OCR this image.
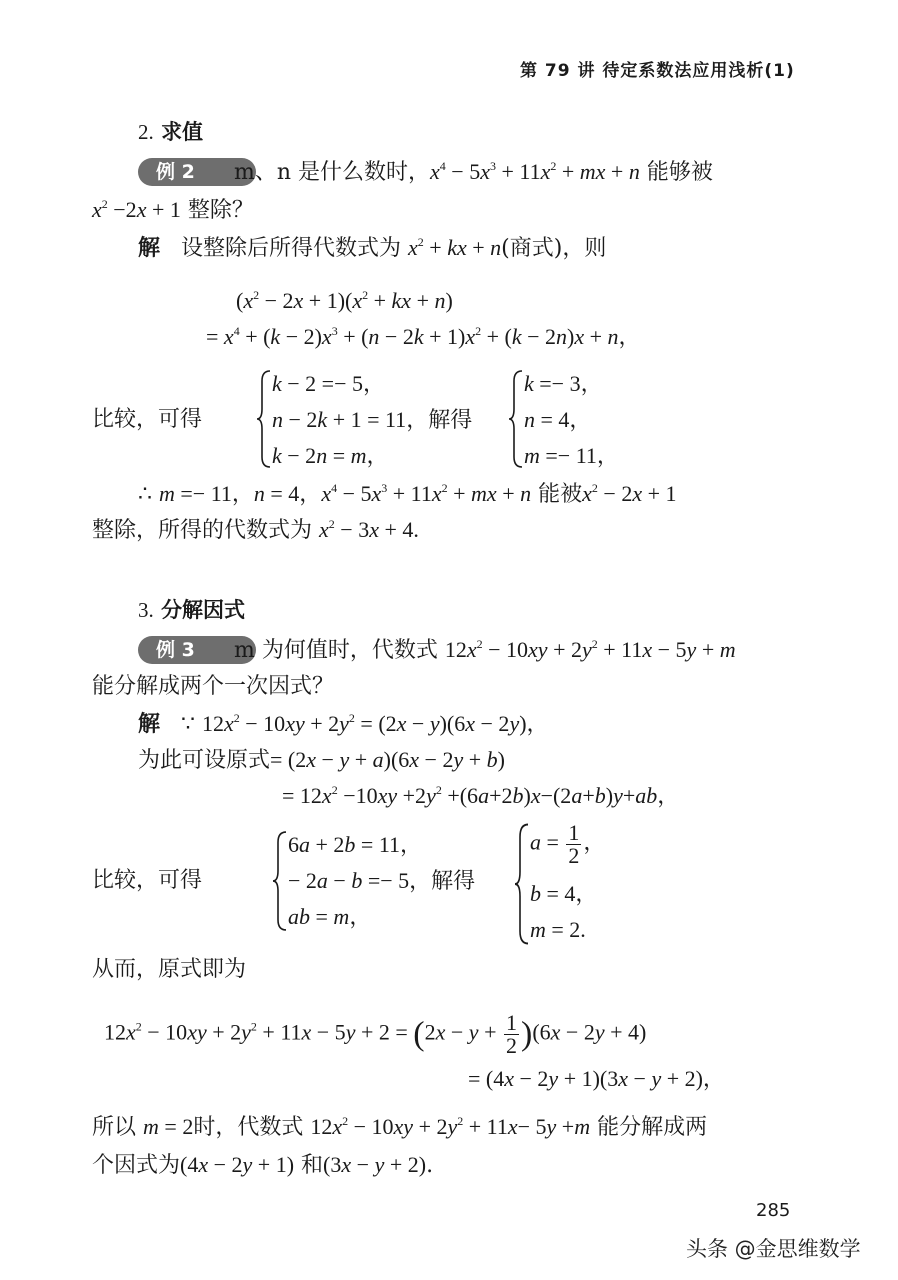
第 79 讲 待定系数法应用浅析(1)
2. 求值
例 2 m、n 是什么数时，$x^4 - 5x^3 + 11x^2$ + mx + n 能够被
$x^2 -2x + 1$ 整除？
解 设整除后所得代数式为 $x^2$ + kx + n(商式)，则
$(x^2 - 2x + 1)(x^2$ + kx + n)
= $x^4 + (k - 2)x^3 + (n - 2k + 1)x^2 + (k - 2n)x + n$，
比较，可得
k − 2 =− 5，
n − 2k + 1 = 11，解得
k − 2n = m，
k =− 3，
n = 4，
m =− 11，
∴ m =− 11，n = 4，$x^4 - 5x^3 + 11x^2$ + mx + n 能被$x^2 - 2x + 1$
整除，所得的代数式为 $x^2 - 3x + 4$.
3. 分解因式
例 3 m 为何值时，代数式 $12x^2 - 10xy + 2y^2 + 11x - 5y + m$
能分解成两个一次因式？
解 ∵ $12x^2 - 10xy + 2y^2 = (2x - y)(6x - 2y)$，
为此可设原式= (2x − y + a)(6x − 2y + b)
= $12x^2 -10xy +2y^2 +(6a+2b)x-(2a+b)y+ab$，
比较，可得
6a + 2b = 11，
− 2a − b =− 5，解得
ab = m，
$a = \frac{1}{2}$ ，
b = 4，
m = 2.
从而，原式即为
$12x^2 - 10xy + 2y^2 + 11x - 5y + 2 = (2x - y + \frac{1}{2} )(6x - 2y + 4)$
= (4x − 2y + 1)(3x − y + 2)，
所以 m = 2时，代数式 $12x^2 - 10xy + 2y^2 + 11x- 5y +m$ 能分解成两
个因式为(4x − 2y + 1) 和(3x − y + 2).
285
头条 @金思维数学
